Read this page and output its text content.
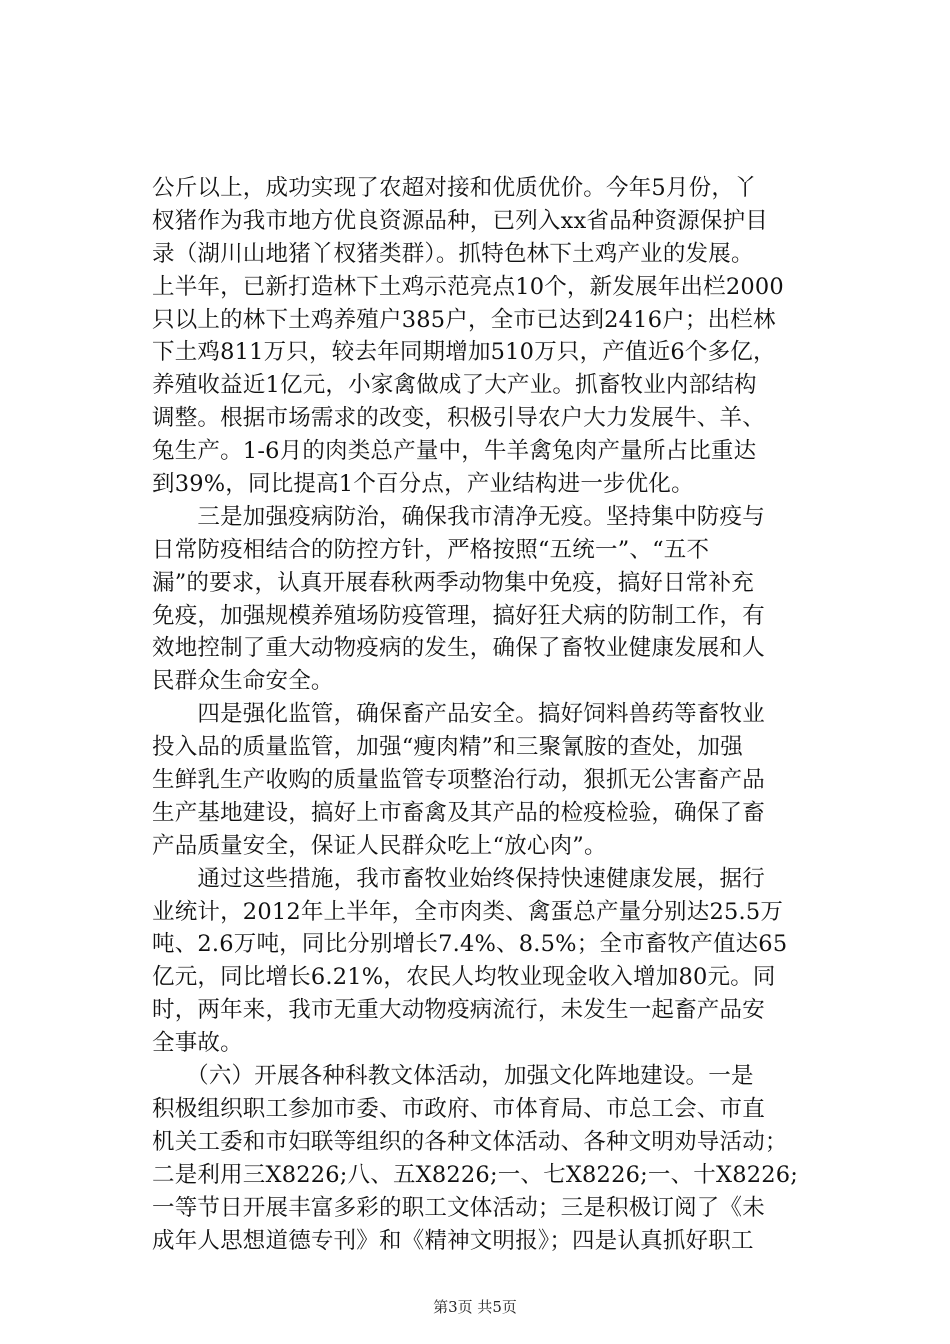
公斤以上，成功实现了农超对接和优质优价。今年5月份，丫
杈猪作为我市地方优良资源品种，已列入xx省品种资源保护目
录（湖川山地猪丫杈猪类群）。抓特色林下土鸡产业的发展。
上半年，已新打造林下土鸡示范亮点10个，新发展年出栏2000
只以上的林下土鸡养殖户385户，全市已达到2416户；出栏林
下土鸡811万只，较去年同期增加510万只，产值近6个多亿，
养殖收益近1亿元，小家禽做成了大产业。抓畜牧业内部结构
调整。根据市场需求的改变，积极引导农户大力发展牛、羊、
兔生产。1-6月的肉类总产量中，牛羊禽兔肉产量所占比重达
到39%，同比提高1个百分点，产业结构进一步优化。
　　三是加强疫病防治，确保我市清净无疫。坚持集中防疫与
日常防疫相结合的防控方针，严格按照“五统一”、“五不
漏”的要求，认真开展春秋两季动物集中免疫，搞好日常补充
免疫，加强规模养殖场防疫管理，搞好狂犬病的防制工作，有
效地控制了重大动物疫病的发生，确保了畜牧业健康发展和人
民群众生命安全。
　　四是强化监管，确保畜产品安全。搞好饲料兽药等畜牧业
投入品的质量监管，加强“瘦肉精”和三聚氰胺的查处，加强
生鲜乳生产收购的质量监管专项整治行动，狠抓无公害畜产品
生产基地建设，搞好上市畜禽及其产品的检疫检验，确保了畜
产品质量安全，保证人民群众吃上“放心肉”。
　　通过这些措施，我市畜牧业始终保持快速健康发展，据行
业统计，2012年上半年，全市肉类、禽蛋总产量分别达25.5万
吨、2.6万吨，同比分别增长7.4%、8.5%；全市畜牧产值达65
亿元，同比增长6.21%，农民人均牧业现金收入增加80元。同
时，两年来，我市无重大动物疫病流行，未发生一起畜产品安
全事故。
　　（六）开展各种科教文体活动，加强文化阵地建设。一是
积极组织职工参加市委、市政府、市体育局、市总工会、市直
机关工委和市妇联等组织的各种文体活动、各种文明劝导活动；
二是利用三X8226;八、五X8226;一、七X8226;一、十X8226;
一等节日开展丰富多彩的职工文体活动；三是积极订阅了《未
成年人思想道德专刊》和《精神文明报》；四是认真抓好职工
第3页 共5页
